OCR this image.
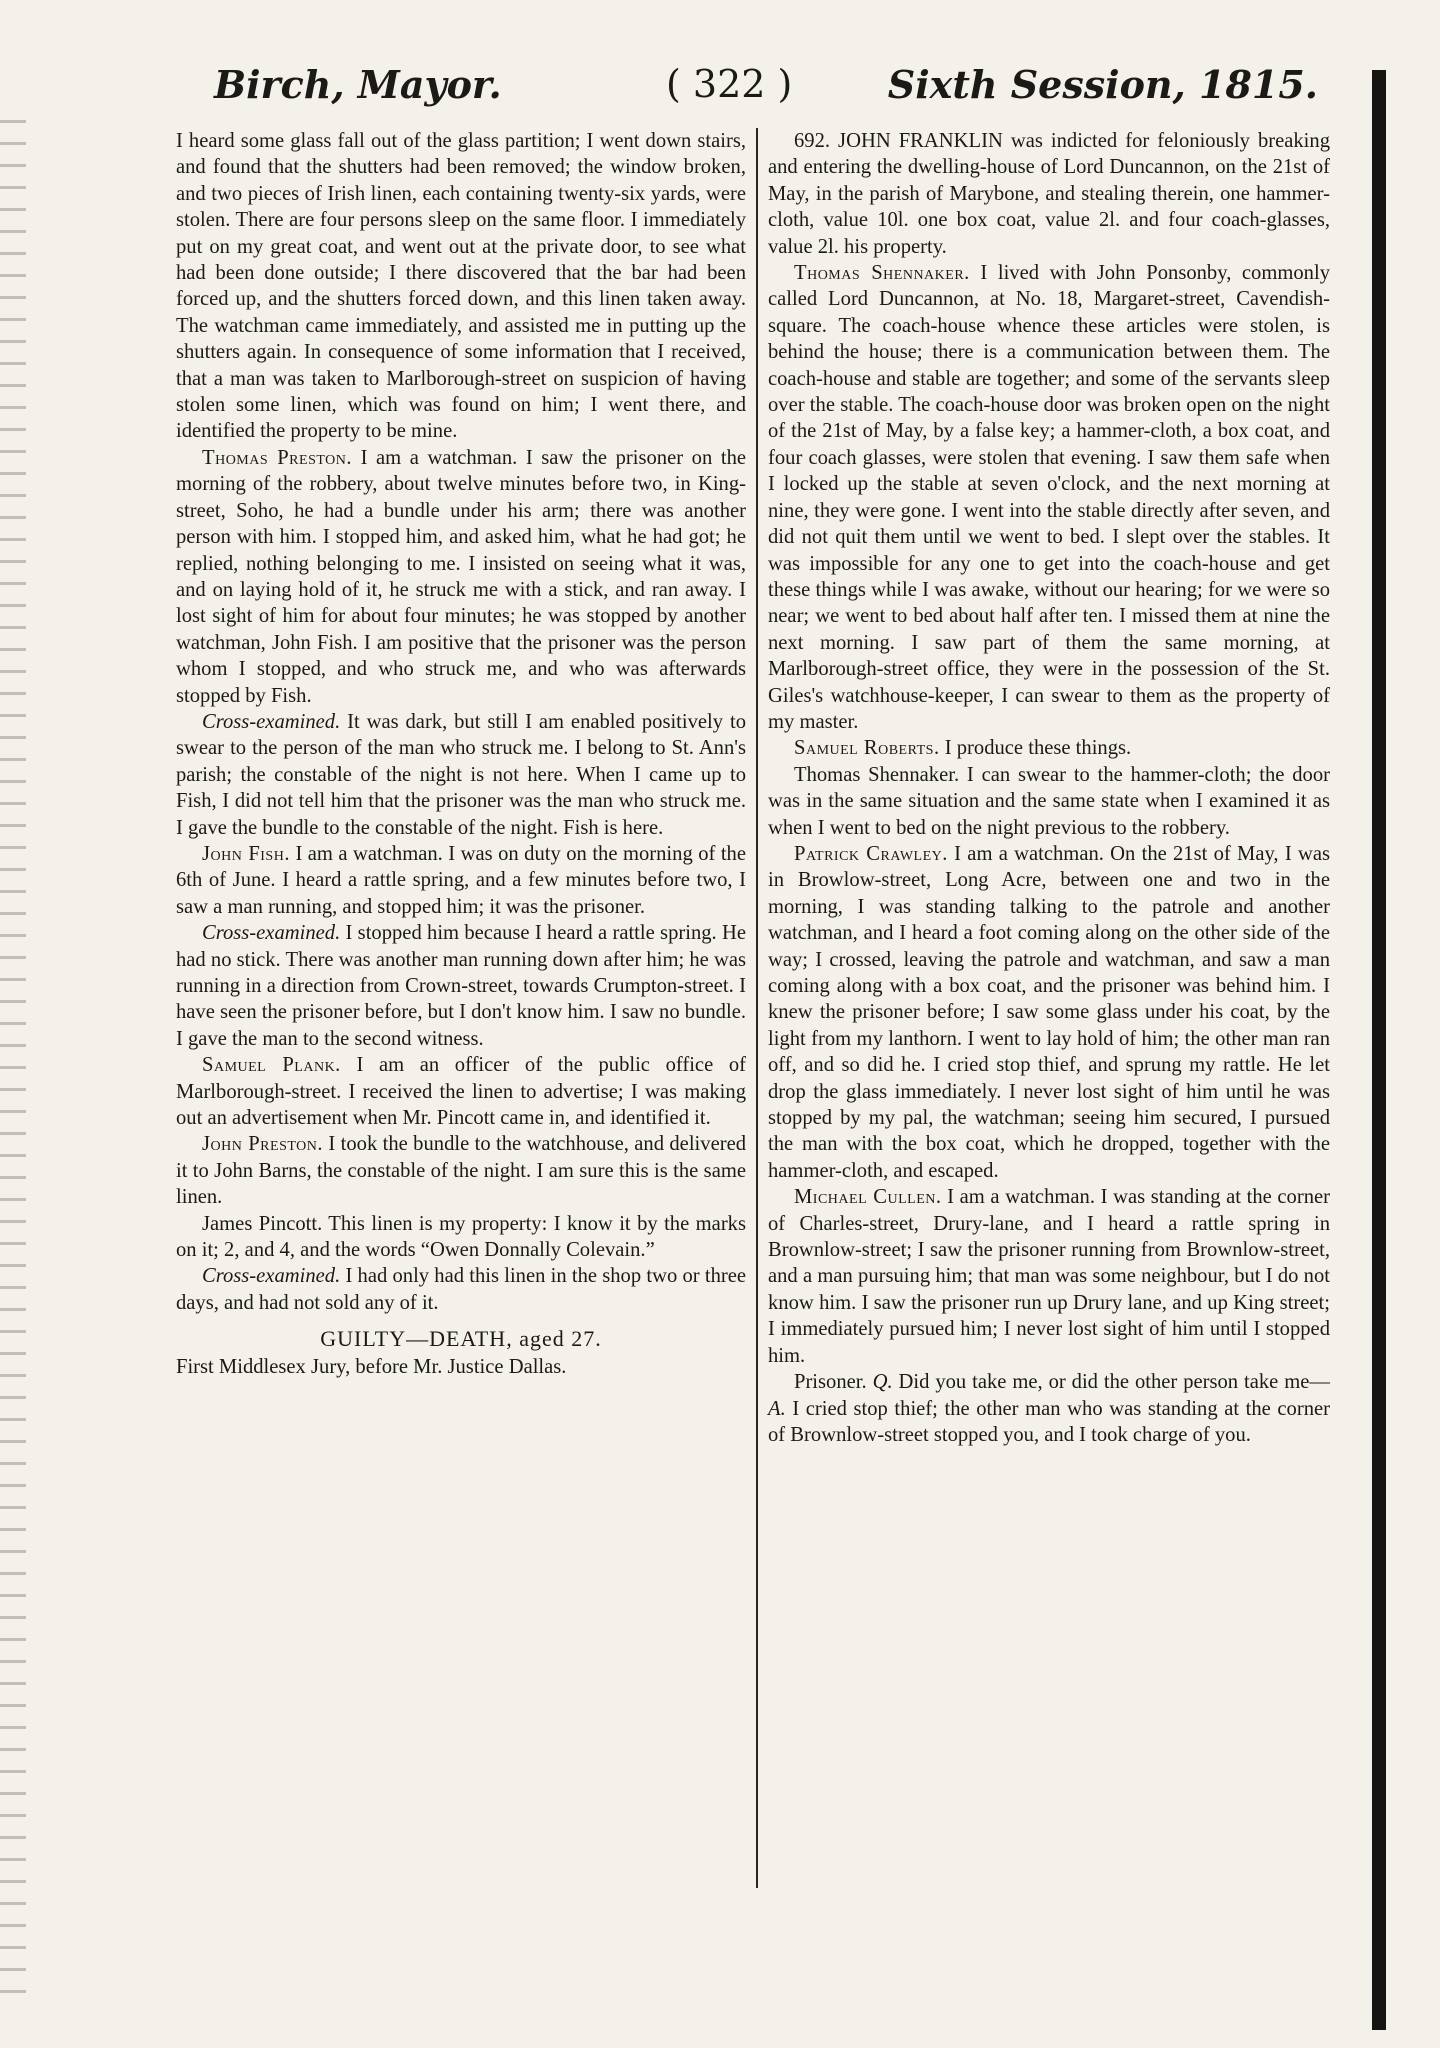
Birch, Mayor.	( 322 )	Sixth Session, 1815.

I heard some glass fall out of the glass partition; I went down stairs, and found that the shutters had been removed; the window broken, and two pieces of Irish linen, each containing twenty-six yards, were stolen. There are four persons sleep on the same floor. I immediately put on my great coat, and went out at the private door, to see what had been done outside; I there discovered that the bar had been forced up, and the shutters forced down, and this linen taken away. The watchman came immediately, and assisted me in putting up the shutters again. In consequence of some information that I received, that a man was taken to Marlborough-street on suspicion of having stolen some linen, which was found on him; I went there, and identified the property to be mine.

Thomas Preston. I am a watchman. I saw the prisoner on the morning of the robbery, about twelve minutes before two, in King-street, Soho, he had a bundle under his arm; there was another person with him. I stopped him, and asked him, what he had got; he replied, nothing belonging to me. I insisted on seeing what it was, and on laying hold of it, he struck me with a stick, and ran away. I lost sight of him for about four minutes; he was stopped by another watchman, John Fish. I am positive that the prisoner was the person whom I stopped, and who struck me, and who was afterwards stopped by Fish.

Cross-examined. It was dark, but still I am enabled positively to swear to the person of the man who struck me. I belong to St. Ann's parish; the constable of the night is not here. When I came up to Fish, I did not tell him that the prisoner was the man who struck me. I gave the bundle to the constable of the night. Fish is here.

John Fish. I am a watchman. I was on duty on the morning of the 6th of June. I heard a rattle spring, and a few minutes before two, I saw a man running, and stopped him; it was the prisoner.

Cross-examined. I stopped him because I heard a rattle spring. He had no stick. There was another man running down after him; he was running in a direction from Crown-street, towards Crumpton-street. I have seen the prisoner before, but I don't know him. I saw no bundle. I gave the man to the second witness.

Samuel Plank. I am an officer of the public office of Marlborough-street. I received the linen to advertise; I was making out an advertisement when Mr. Pincott came in, and identified it.

John Preston. I took the bundle to the watchhouse, and delivered it to John Barns, the constable of the night. I am sure this is the same linen.

James Pincott. This linen is my property: I know it by the marks on it; 2, and 4, and the words “Owen Donnally Colevain.”

Cross-examined. I had only had this linen in the shop two or three days, and had not sold any of it.

GUILTY—DEATH, aged 27.

First Middlesex Jury, before Mr. Justice Dallas.

692. JOHN FRANKLIN was indicted for feloniously breaking and entering the dwelling-house of Lord Duncannon, on the 21st of May, in the parish of Marybone, and stealing therein, one hammer-cloth, value 10l. one box coat, value 2l. and four coach-glasses, value 2l. his property.

Thomas Shennaker. I lived with John Ponsonby, commonly called Lord Duncannon, at No. 18, Margaret-street, Cavendish-square. The coach-house whence these articles were stolen, is behind the house; there is a communication between them. The coach-house and stable are together; and some of the servants sleep over the stable. The coach-house door was broken open on the night of the 21st of May, by a false key; a hammer-cloth, a box coat, and four coach glasses, were stolen that evening. I saw them safe when I locked up the stable at seven o'clock, and the next morning at nine, they were gone. I went into the stable directly after seven, and did not quit them until we went to bed. I slept over the stables. It was impossible for any one to get into the coach-house and get these things while I was awake, without our hearing; for we were so near; we went to bed about half after ten. I missed them at nine the next morning. I saw part of them the same morning, at Marlborough-street office, they were in the possession of the St. Giles's watchhouse-keeper, I can swear to them as the property of my master.

Samuel Roberts. I produce these things.

Thomas Shennaker. I can swear to the hammer-cloth; the door was in the same situation and the same state when I examined it as when I went to bed on the night previous to the robbery.

Patrick Crawley. I am a watchman. On the 21st of May, I was in Browlow-street, Long Acre, between one and two in the morning, I was standing talking to the patrole and another watchman, and I heard a foot coming along on the other side of the way; I crossed, leaving the patrole and watchman, and saw a man coming along with a box coat, and the prisoner was behind him. I knew the prisoner before; I saw some glass under his coat, by the light from my lanthorn. I went to lay hold of him; the other man ran off, and so did he. I cried stop thief, and sprung my rattle. He let drop the glass immediately. I never lost sight of him until he was stopped by my pal, the watchman; seeing him secured, I pursued the man with the box coat, which he dropped, together with the hammer-cloth, and escaped.

Michael Cullen. I am a watchman. I was standing at the corner of Charles-street, Drury-lane, and I heard a rattle spring in Brownlow-street; I saw the prisoner running from Brownlow-street, and a man pursuing him; that man was some neighbour, but I do not know him. I saw the prisoner run up Drury lane, and up King street; I immediately pursued him; I never lost sight of him until I stopped him.

Prisoner. Q. Did you take me, or did the other person take me—A. I cried stop thief; the other man who was standing at the corner of Brownlow-street stopped you, and I took charge of you.
